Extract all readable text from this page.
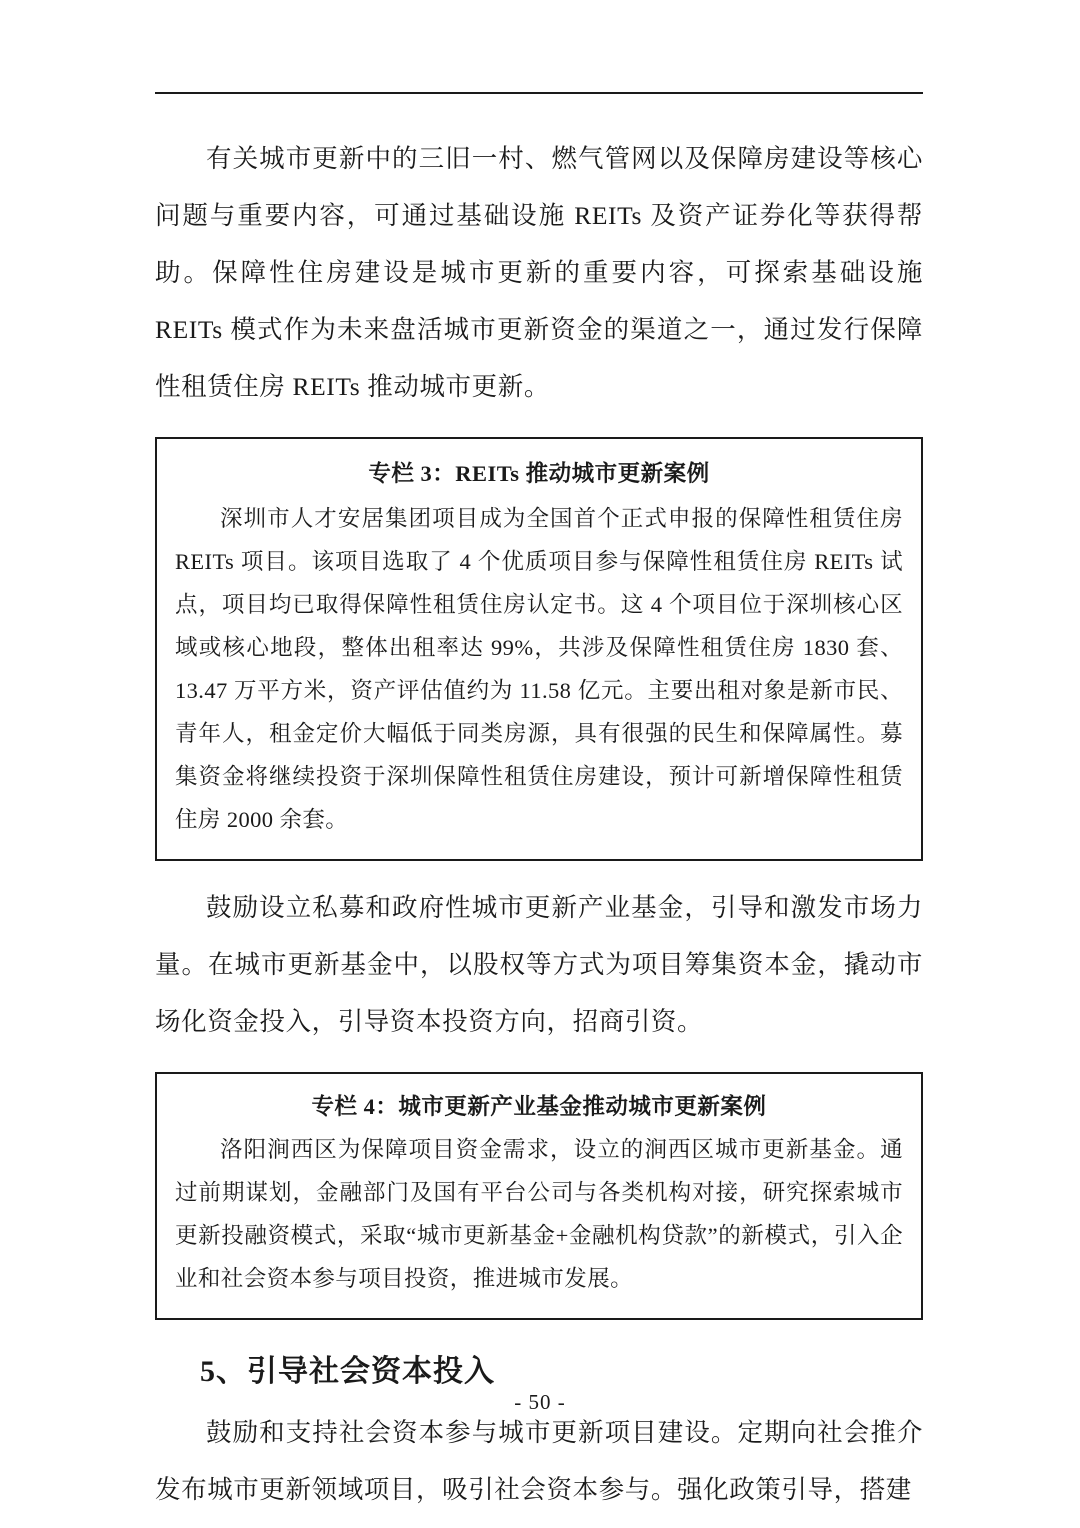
有关城市更新中的三旧一村、燃气管网以及保障房建设等核心问题与重要内容，可通过基础设施 REITs 及资产证券化等获得帮助。保障性住房建设是城市更新的重要内容，可探索基础设施 REITs 模式作为未来盘活城市更新资金的渠道之一，通过发行保障性租赁住房 REITs 推动城市更新。

专栏 3：REITs 推动城市更新案例

深圳市人才安居集团项目成为全国首个正式申报的保障性租赁住房 REITs 项目。该项目选取了 4 个优质项目参与保障性租赁住房 REITs 试点，项目均已取得保障性租赁住房认定书。这 4 个项目位于深圳核心区域或核心地段，整体出租率达 99%，共涉及保障性租赁住房 1830 套、13.47 万平方米，资产评估值约为 11.58 亿元。主要出租对象是新市民、青年人，租金定价大幅低于同类房源，具有很强的民生和保障属性。募集资金将继续投资于深圳保障性租赁住房建设，预计可新增保障性租赁住房 2000 余套。

鼓励设立私募和政府性城市更新产业基金，引导和激发市场力量。在城市更新基金中，以股权等方式为项目筹集资本金，撬动市场化资金投入，引导资本投资方向，招商引资。

专栏 4：城市更新产业基金推动城市更新案例

洛阳涧西区为保障项目资金需求，设立的涧西区城市更新基金。通过前期谋划，金融部门及国有平台公司与各类机构对接，研究探索城市更新投融资模式，采取“城市更新基金+金融机构贷款”的新模式，引入企业和社会资本参与项目投资，推进城市发展。

5、引导社会资本投入

鼓励和支持社会资本参与城市更新项目建设。定期向社会推介发布城市更新领域项目，吸引社会资本参与。强化政策引导，搭建

- 50 -
